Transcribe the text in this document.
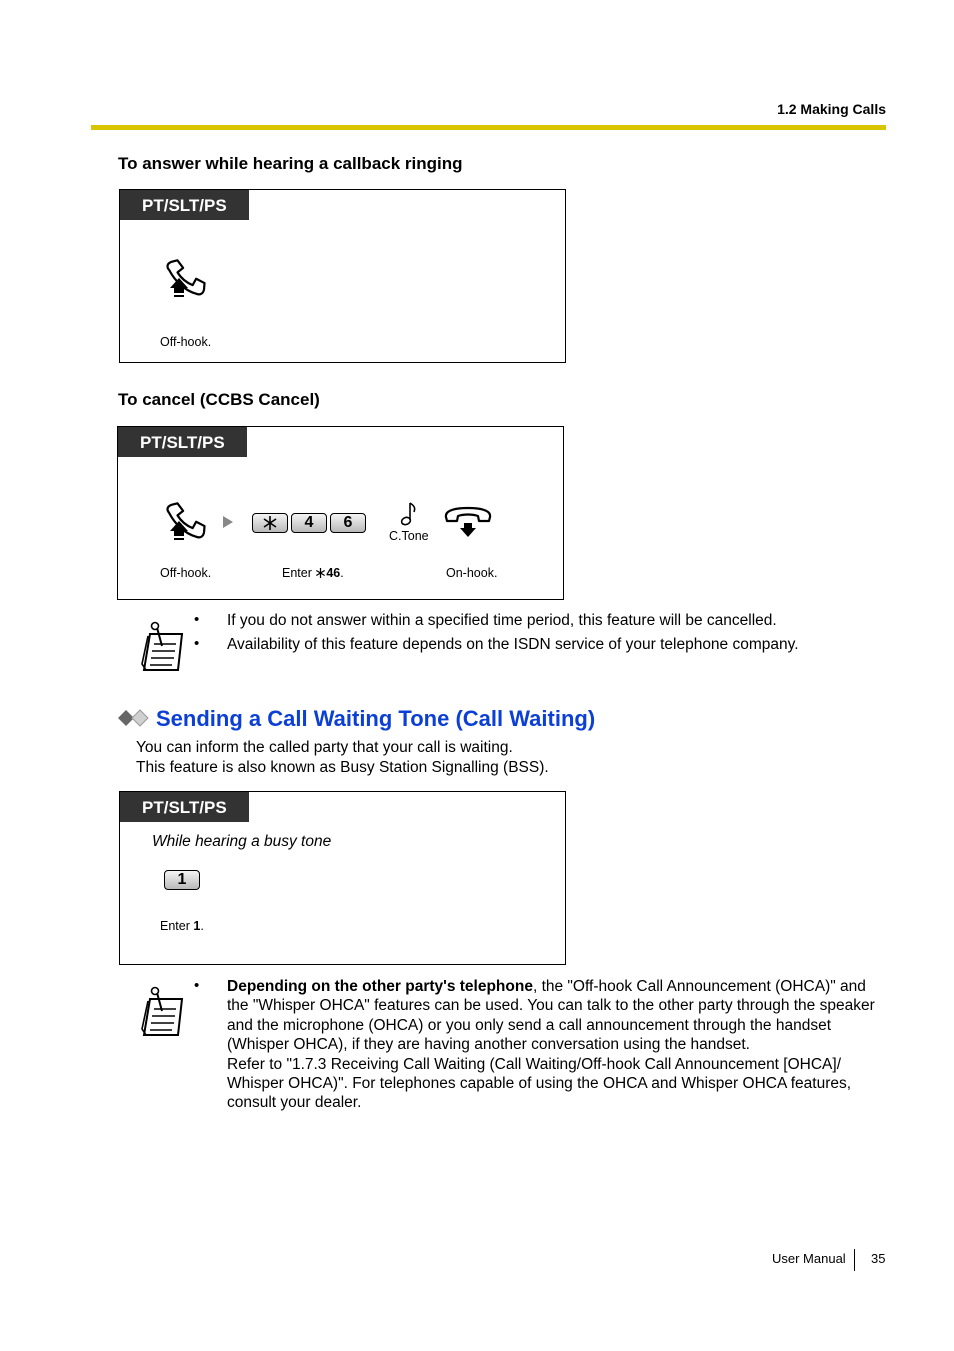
1.2 Making Calls
To answer while hearing a callback ringing
PT/SLT/PS
Off-hook.
To cancel (CCBS Cancel)
PT/SLT/PS
4	6
C.Tone
Off-hook.	Enter 46.	On-hook.
• If you do not answer within a specified time period, this feature will be cancelled.
• Availability of this feature depends on the ISDN service of your telephone company.
Sending a Call Waiting Tone (Call Waiting)
You can inform the called party that your call is waiting.
This feature is also known as Busy Station Signalling (BSS).
PT/SLT/PS
While hearing a busy tone
1
Enter 1.
• Depending on the other party's telephone, the "Off-hook Call Announcement (OHCA)" and the "Whisper OHCA" features can be used. You can talk to the other party through the speaker and the microphone (OHCA) or you only send a call announcement through the handset (Whisper OHCA), if they are having another conversation using the handset.
Refer to "1.7.3 Receiving Call Waiting (Call Waiting/Off-hook Call Announcement [OHCA]/ Whisper OHCA)". For telephones capable of using the OHCA and Whisper OHCA features, consult your dealer.
User Manual 35
